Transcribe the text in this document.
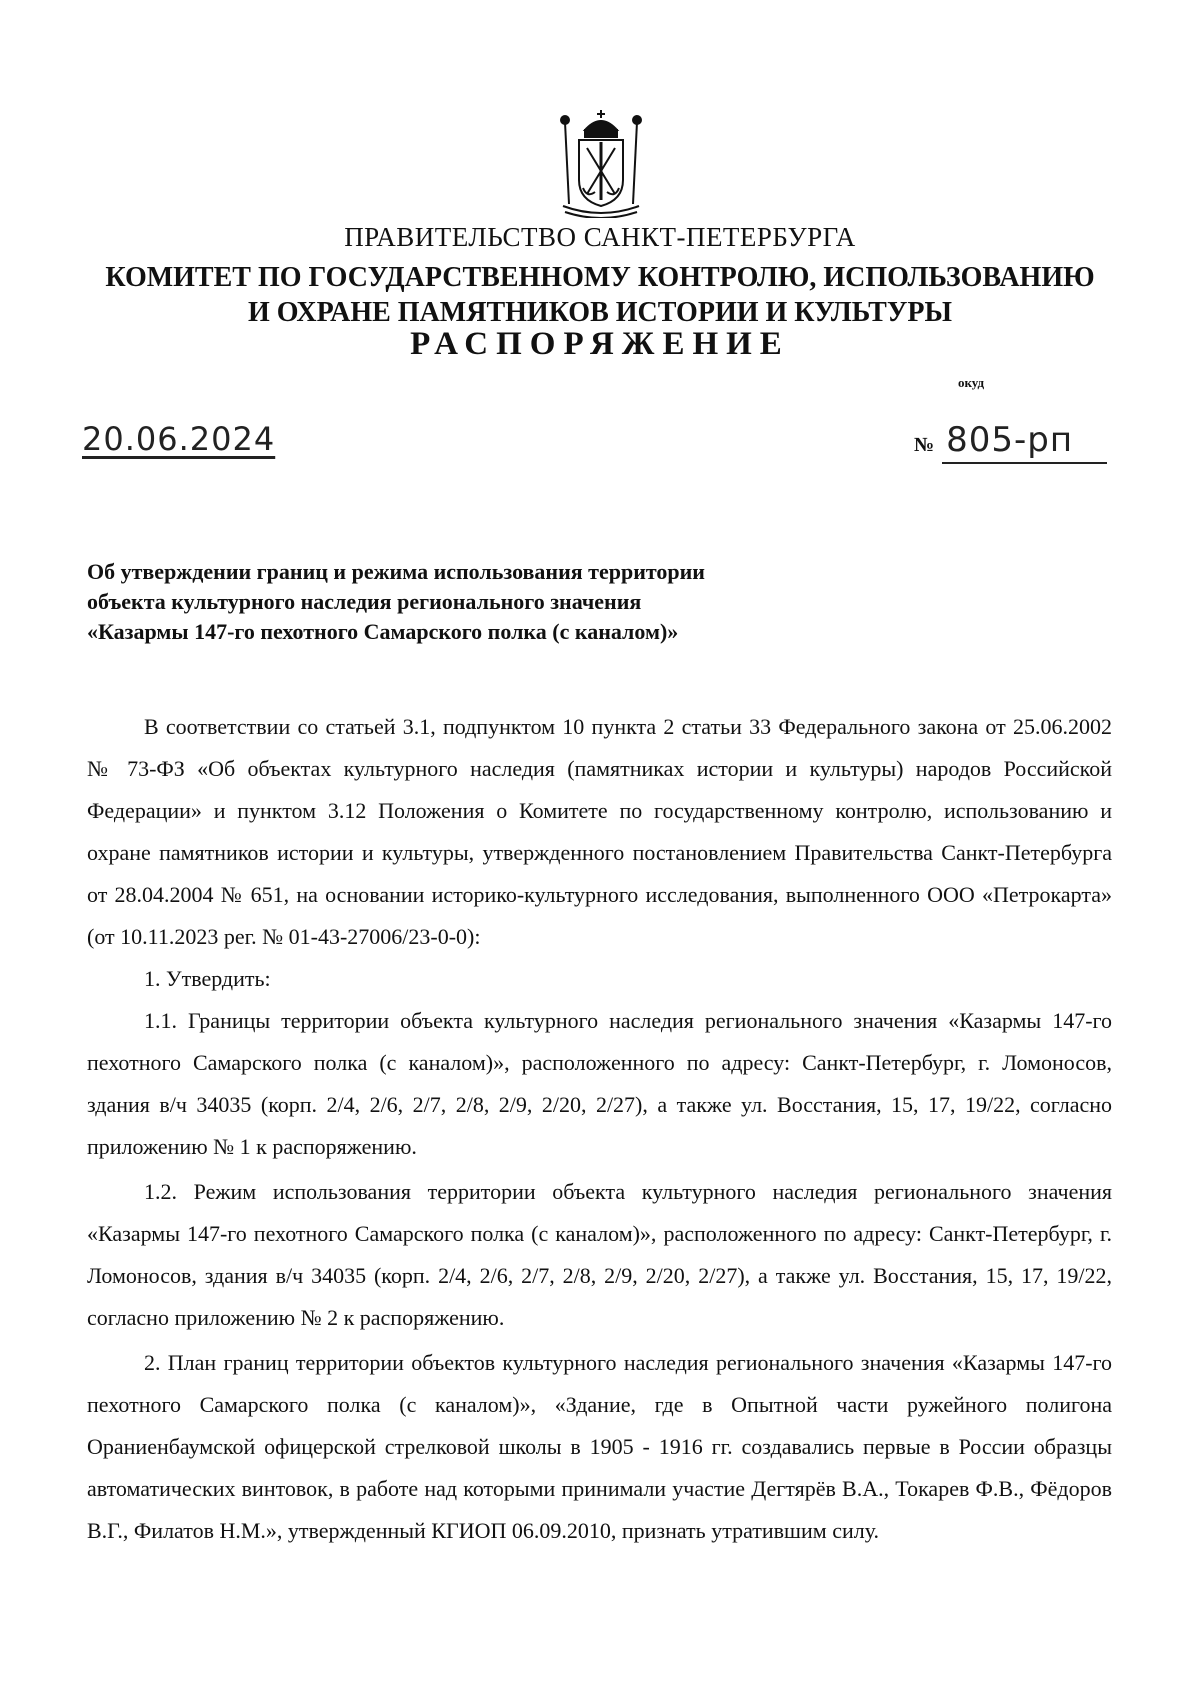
ПРАВИТЕЛЬСТВО САНКТ-ПЕТЕРБУРГА
КОМИТЕТ ПО ГОСУДАРСТВЕННОМУ КОНТРОЛЮ, ИСПОЛЬЗОВАНИЮ
И ОХРАНЕ ПАМЯТНИКОВ ИСТОРИИ И КУЛЬТУРЫ
РАСПОРЯЖЕНИЕ
окуд
20.06.2024	№ 805-рп
Об утверждении границ и режима использования территории
объекта культурного наследия регионального значения
«Казармы 147-го пехотного Самарского полка (с каналом)»

В соответствии со статьей 3.1, подпунктом 10 пункта 2 статьи 33 Федерального закона от 25.06.2002 № 73-ФЗ «Об объектах культурного наследия (памятниках истории и культуры) народов Российской Федерации» и пунктом 3.12 Положения о Комитете по государственному контролю, использованию и охране памятников истории и культуры, утвержденного постановлением Правительства Санкт-Петербурга от 28.04.2004 № 651, на основании историко-культурного исследования, выполненного ООО «Петрокарта» (от 10.11.2023 рег. № 01-43-27006/23-0-0):

1. Утвердить:

1.1. Границы территории объекта культурного наследия регионального значения «Казармы 147-го пехотного Самарского полка (с каналом)», расположенного по адресу: Санкт-Петербург, г. Ломоносов, здания в/ч 34035 (корп. 2/4, 2/6, 2/7, 2/8, 2/9, 2/20, 2/27), а также ул. Восстания, 15, 17, 19/22, согласно приложению № 1 к распоряжению.

1.2. Режим использования территории объекта культурного наследия регионального значения «Казармы 147-го пехотного Самарского полка (с каналом)», расположенного по адресу: Санкт-Петербург, г. Ломоносов, здания в/ч 34035 (корп. 2/4, 2/6, 2/7, 2/8, 2/9, 2/20, 2/27), а также ул. Восстания, 15, 17, 19/22, согласно приложению № 2 к распоряжению.

2. План границ территории объектов культурного наследия регионального значения «Казармы 147-го пехотного Самарского полка (с каналом)», «Здание, где в Опытной части ружейного полигона Ораниенбаумской офицерской стрелковой школы в 1905 - 1916 гг. создавались первые в России образцы автоматических винтовок, в работе над которыми принимали участие Дегтярёв В.А., Токарев Ф.В., Фёдоров В.Г., Филатов Н.М.», утвержденный КГИОП 06.09.2010, признать утратившим силу.
